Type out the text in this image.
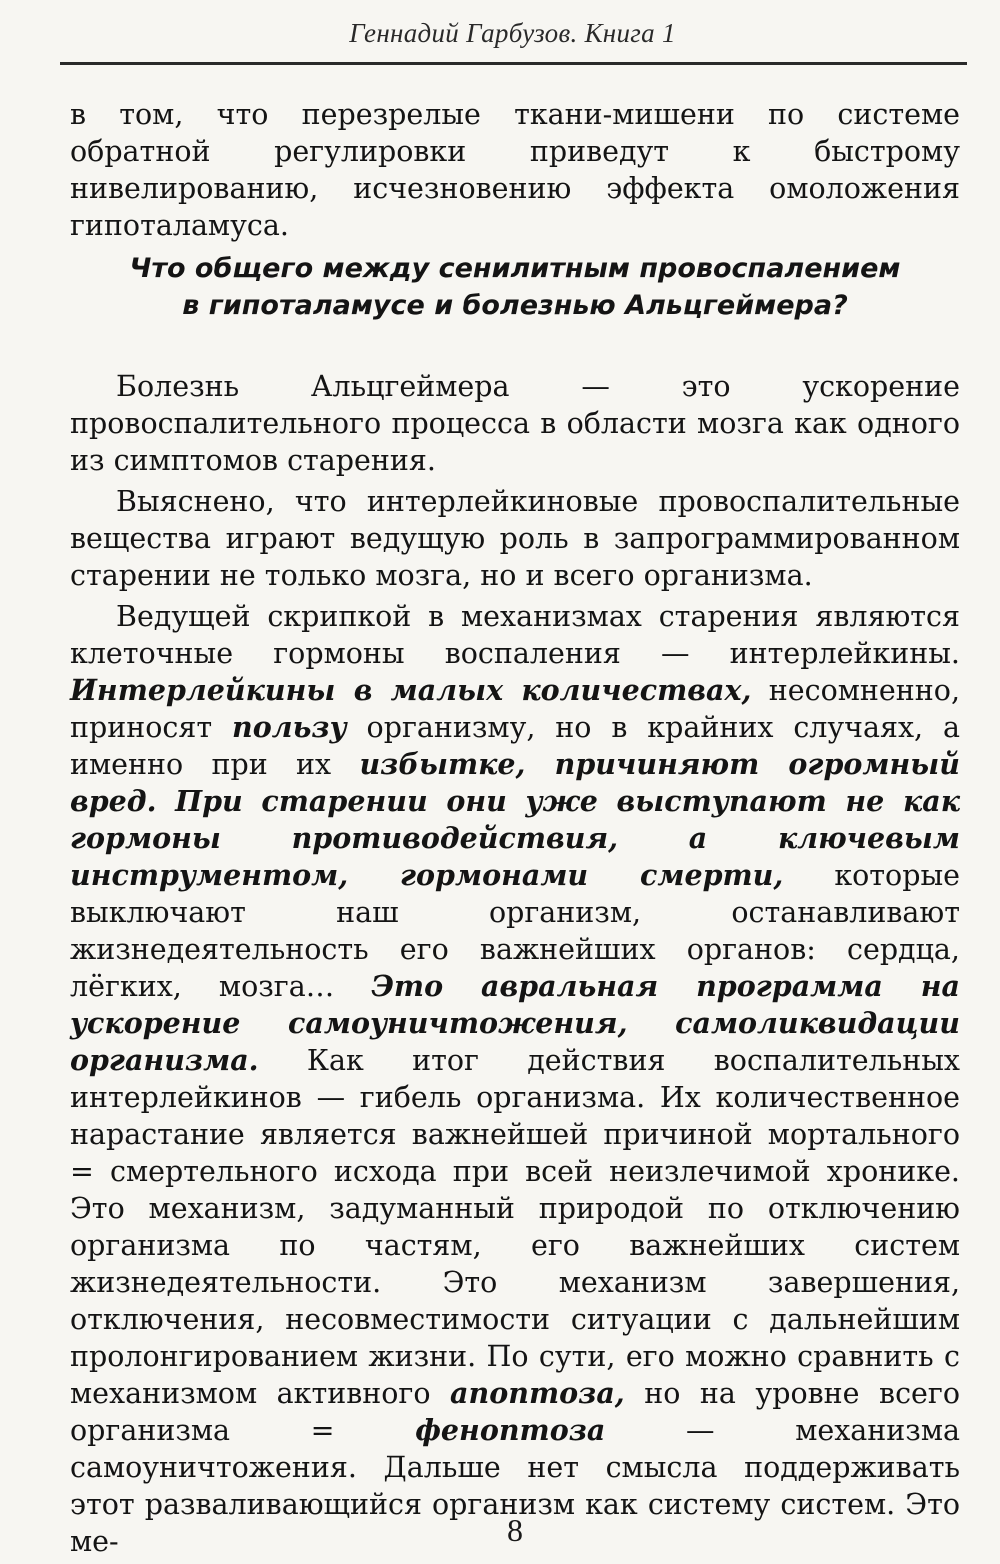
Геннадий Гарбузов. Книга 1

в том, что перезрелые ткани-мишени по системе обратной регулировки приведут к быстрому нивелированию, исчезновению эффекта омоложения гипоталамуса.

Что общего между сенилитным провоспалением
в гипоталамусе и болезнью Альцгеймера?

Болезнь Альцгеймера — это ускорение провоспалительного процесса в области мозга как одного из симптомов старения.

Выяснено, что интерлейкиновые провоспалительные вещества играют ведущую роль в запрограммированном старении не только мозга, но и всего организма.

Ведущей скрипкой в механизмах старения являются клеточные гормоны воспаления — интерлейкины. Интерлейкины в малых количествах, несомненно, приносят пользу организму, но в крайних случаях, а именно при их избытке, причиняют огромный вред. При старении они уже выступают не как гормоны противодействия, а ключевым инструментом, гормонами смерти, которые выключают наш организм, останавливают жизнедеятельность его важнейших органов: сердца, лёгких, мозга… Это авральная программа на ускорение самоуничтожения, самоликвидации организма. Как итог действия воспалительных интерлейкинов — гибель организма. Их количественное нарастание является важнейшей причиной мортального = смертельного исхода при всей неизлечимой хронике. Это механизм, задуманный природой по отключению организма по частям, его важнейших систем жизнедеятельности. Это механизм завершения, отключения, несовместимости ситуации с дальнейшим пролонгированием жизни. По сути, его можно сравнить с механизмом активного апоптоза, но на уровне всего организма = феноптоза — механизма самоуничтожения. Дальше нет смысла поддерживать этот разваливающийся организм как систему систем. Это ме-	8
